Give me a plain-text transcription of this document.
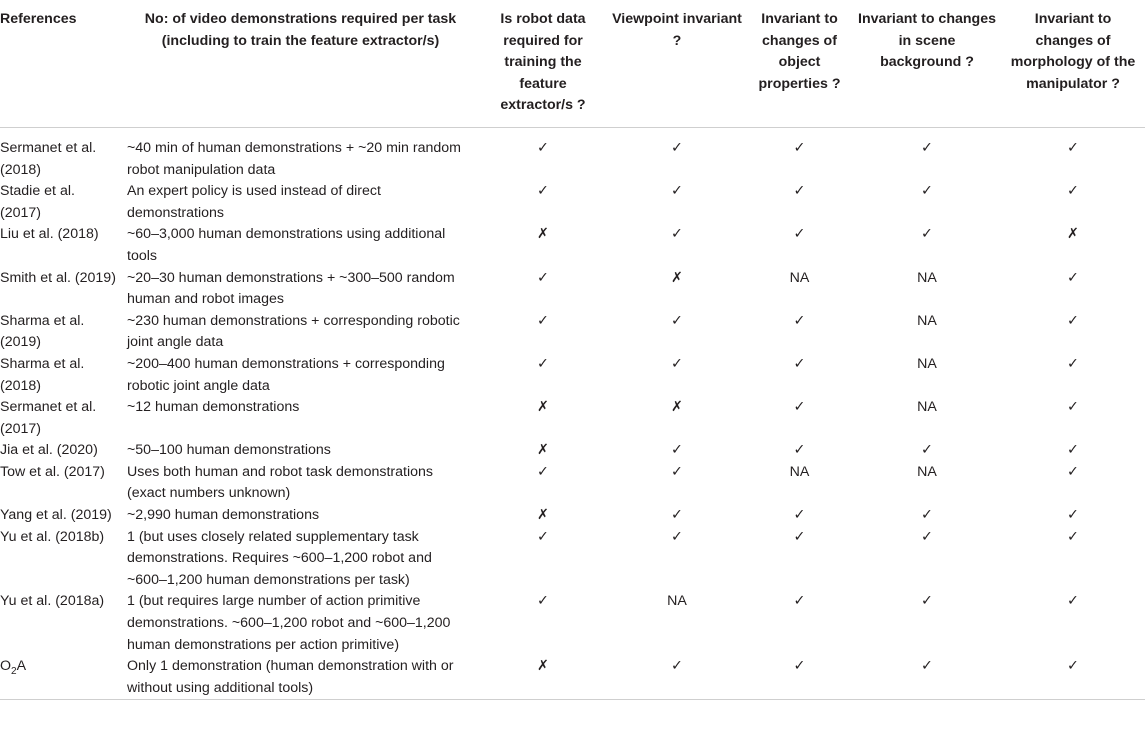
References	No: of video demonstrations required per task (including to train the feature extractor/s)	Is robot data required for training the feature extractor/s ?	Viewpoint invariant ?	Invariant to changes of object properties ?	Invariant to changes in scene background ?	Invariant to changes of morphology of the manipulator ?
Sermanet et al. (2018)	~40 min of human demonstrations + ~20 min random robot manipulation data	✓	✓	✓	✓	✓
Stadie et al. (2017)	An expert policy is used instead of direct demonstrations	✓	✓	✓	✓	✓
Liu et al. (2018)	~60–3,000 human demonstrations using additional tools	✗	✓	✓	✓	✗
Smith et al. (2019)	~20–30 human demonstrations + ~300–500 random human and robot images	✓	✗	NA	NA	✓
Sharma et al. (2019)	~230 human demonstrations + corresponding robotic joint angle data	✓	✓	✓	NA	✓
Sharma et al. (2018)	~200–400 human demonstrations + corresponding robotic joint angle data	✓	✓	✓	NA	✓
Sermanet et al. (2017)	~12 human demonstrations	✗	✗	✓	NA	✓
Jia et al. (2020)	~50–100 human demonstrations	✗	✓	✓	✓	✓
Tow et al. (2017)	Uses both human and robot task demonstrations (exact numbers unknown)	✓	✓	NA	NA	✓
Yang et al. (2019)	~2,990 human demonstrations	✗	✓	✓	✓	✓
Yu et al. (2018b)	1 (but uses closely related supplementary task demonstrations. Requires ~600–1,200 robot and ~600–1,200 human demonstrations per task)	✓	✓	✓	✓	✓
Yu et al. (2018a)	1 (but requires large number of action primitive demonstrations. ~600–1,200 robot and ~600–1,200 human demonstrations per action primitive)	✓	NA	✓	✓	✓
$O_2A$	Only 1 demonstration (human demonstration with or without using additional tools)	✗	✓	✓	✓	✓
